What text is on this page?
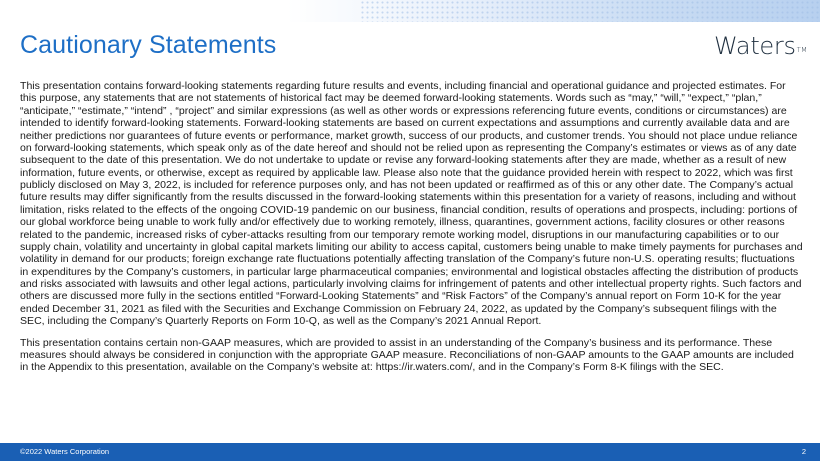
Cautionary Statements	WatersTM

This presentation contains forward-looking statements regarding future results and events, including financial and operational guidance and projected estimates. For this purpose, any statements that are not statements of historical fact may be deemed forward-looking statements. Words such as “may,” “will,” “expect,” “plan,” “anticipate,” “estimate,” “intend” , “project” and similar expressions (as well as other words or expressions referencing future events, conditions or circumstances) are intended to identify forward-looking statements. Forward-looking statements are based on current expectations and assumptions and currently available data and are neither predictions nor guarantees of future events or performance, market growth, success of our products, and customer trends. You should not place undue reliance on forward-looking statements, which speak only as of the date hereof and should not be relied upon as representing the Company’s estimates or views as of any date subsequent to the date of this presentation. We do not undertake to update or revise any forward-looking statements after they are made, whether as a result of new information, future events, or otherwise, except as required by applicable law. Please also note that the guidance provided herein with respect to 2022, which was first publicly disclosed on May 3, 2022, is included for reference purposes only, and has not been updated or reaffirmed as of this or any other date. The Company’s actual future results may differ significantly from the results discussed in the forward-looking statements within this presentation for a variety of reasons, including and without limitation, risks related to the effects of the ongoing COVID-19 pandemic on our business, financial condition, results of operations and prospects, including: portions of our global workforce being unable to work fully and/or effectively due to working remotely, illness, quarantines, government actions, facility closures or other reasons related to the pandemic, increased risks of cyber-attacks resulting from our temporary remote working model, disruptions in our manufacturing capabilities or to our supply chain, volatility and uncertainty in global capital markets limiting our ability to access capital, customers being unable to make timely payments for purchases and volatility in demand for our products; foreign exchange rate fluctuations potentially affecting translation of the Company’s future non-U.S. operating results; fluctuations in expenditures by the Company’s customers, in particular large pharmaceutical companies; environmental and logistical obstacles affecting the distribution of products and risks associated with lawsuits and other legal actions, particularly involving claims for infringement of patents and other intellectual property rights. Such factors and others are discussed more fully in the sections entitled “Forward-Looking Statements” and “Risk Factors” of the Company’s annual report on Form 10-K for the year ended December 31, 2021 as filed with the Securities and Exchange Commission on February 24, 2022, as updated by the Company’s subsequent filings with the SEC, including the Company’s Quarterly Reports on Form 10-Q, as well as the Company’s 2021 Annual Report.

This presentation contains certain non-GAAP measures, which are provided to assist in an understanding of the Company’s business and its performance. These measures should always be considered in conjunction with the appropriate GAAP measure. Reconciliations of non-GAAP amounts to the GAAP amounts are included in the Appendix to this presentation, available on the Company’s website at: https://ir.waters.com/, and in the Company’s Form 8-K filings with the SEC.

©2022 Waters Corporation	2
